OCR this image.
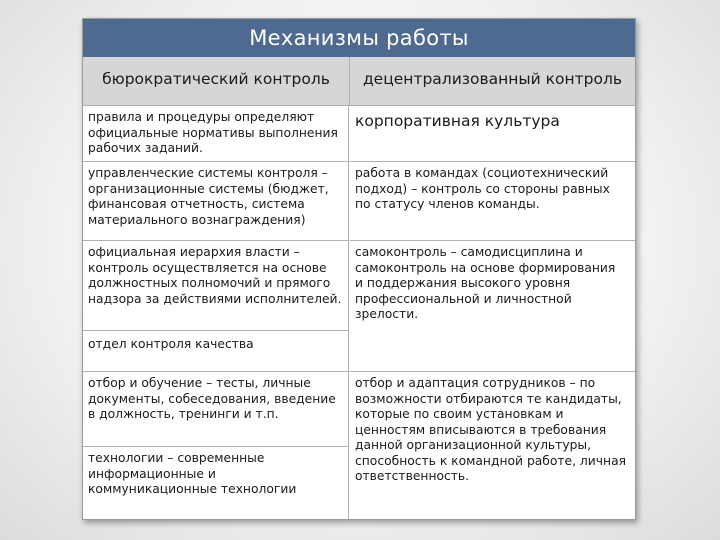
Механизмы работы
бюрократический контроль	децентрализованный контроль
правила и процедуры определяют
официальные нормативы выполнения
рабочих заданий.
корпоративная культура
управленческие системы контроля –
организационные системы (бюджет,
финансовая отчетность, система
материального вознаграждения)
работа в командах (социотехнический
подход) – контроль со стороны равных
по статусу членов команды.
официальная иерархия власти –
контроль осуществляется на основе
должностных полномочий и прямого
надзора за действиями исполнителей.
самоконтроль – самодисциплина и
самоконтроль на основе формирования
и поддержания высокого уровня
профессиональной и личностной
зрелости.
отдел контроля качества
отбор и обучение – тесты, личные
документы, собеседования, введение
в должность, тренинги и т.п.
отбор и адаптация сотрудников – по
возможности отбираются те кандидаты,
которые по своим установкам и
ценностям вписываются в требования
данной организационной культуры,
способность к командной работе, личная
ответственность.
технологии – современные
информационные и
коммуникационные технологии
